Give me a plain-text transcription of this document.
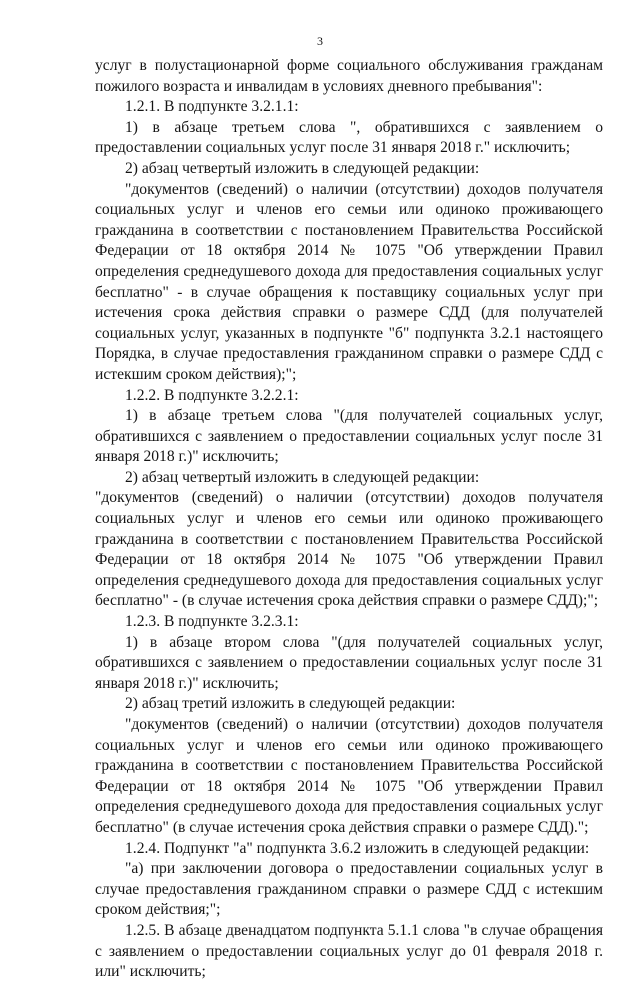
3

услуг в полустационарной форме социального обслуживания гражданам пожилого возраста и инвалидам в условиях дневного пребывания":

1.2.1. В подпункте 3.2.1.1:

1) в абзаце третьем слова ", обратившихся с заявлением о предоставлении социальных услуг после 31 января 2018 г." исключить;

2) абзац четвертый изложить в следующей редакции:

"документов (сведений) о наличии (отсутствии) доходов получателя социальных услуг и членов его семьи или одиноко проживающего гражданина в соответствии с постановлением Правительства Российской Федерации от 18 октября 2014 № 1075 "Об утверждении Правил определения среднедушевого дохода для предоставления социальных услуг бесплатно" - в случае обращения к поставщику социальных услуг при истечения срока действия справки о размере СДД (для получателей социальных услуг, указанных в подпункте "б" подпункта 3.2.1 настоящего Порядка, в случае предоставления гражданином справки о размере СДД с истекшим сроком действия);";

1.2.2. В подпункте 3.2.2.1:

1) в абзаце третьем слова "(для получателей социальных услуг, обратившихся с заявлением о предоставлении социальных услуг после 31 января 2018 г.)" исключить;

2) абзац четвертый изложить в следующей редакции:

"документов (сведений) о наличии (отсутствии) доходов получателя социальных услуг и членов его семьи или одиноко проживающего гражданина в соответствии с постановлением Правительства Российской Федерации от 18 октября 2014 № 1075 "Об утверждении Правил определения среднедушевого дохода для предоставления социальных услуг бесплатно" - (в случае истечения срока действия справки о размере СДД);";

1.2.3. В подпункте 3.2.3.1:

1) в абзаце втором слова "(для получателей социальных услуг, обратившихся с заявлением о предоставлении социальных услуг после 31 января 2018 г.)" исключить;

2) абзац третий изложить в следующей редакции:

"документов (сведений) о наличии (отсутствии) доходов получателя социальных услуг и членов его семьи или одиноко проживающего гражданина в соответствии с постановлением Правительства Российской Федерации от 18 октября 2014 № 1075 "Об утверждении Правил определения среднедушевого дохода для предоставления социальных услуг бесплатно" (в случае истечения срока действия справки о размере СДД).";

1.2.4. Подпункт "а" подпункта 3.6.2 изложить в следующей редакции:

"а) при заключении договора о предоставлении социальных услуг в случае предоставления гражданином справки о размере СДД с истекшим сроком действия;";

1.2.5. В абзаце двенадцатом подпункта 5.1.1 слова "в случае обращения с заявлением о предоставлении социальных услуг до 01 февраля 2018 г. или" исключить;
